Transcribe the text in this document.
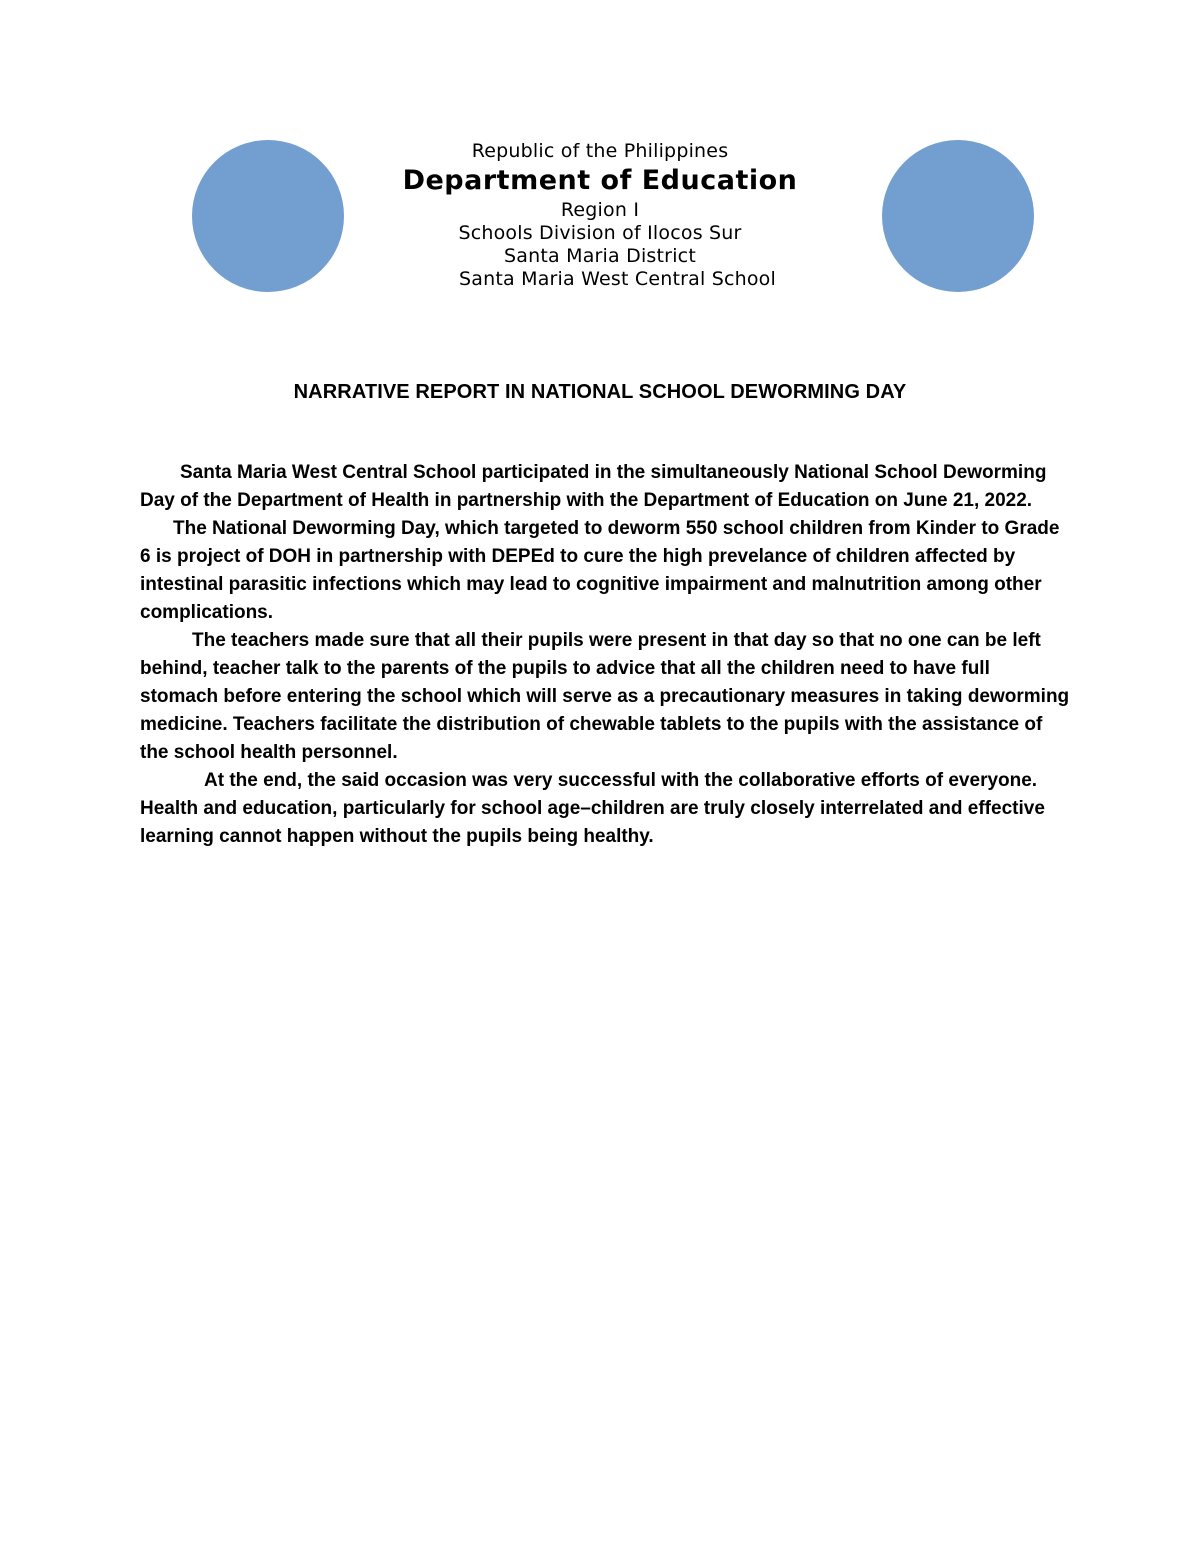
Republic of the Philippines
Department of Education
Region I
Schools Division of Ilocos Sur
Santa Maria District
Santa Maria West Central School
NARRATIVE REPORT IN NATIONAL SCHOOL DEWORMING DAY

Santa Maria West Central School participated in the simultaneously National School Deworming Day of the Department of Health in partnership with the Department of Education on June 21, 2022.

The National Deworming Day, which targeted to deworm 550 school children from Kinder to Grade 6 is project of DOH in partnership with DEPEd to cure the high prevelance of children affected by intestinal parasitic infections which may lead to cognitive impairment and malnutrition among other complications.

The teachers made sure that all their pupils were present in that day so that no one can be left behind, teacher talk to the parents of the pupils to advice that all the children need to have full stomach before entering the school which will serve as a precautionary measures in taking deworming medicine. Teachers facilitate the distribution of chewable tablets to the pupils with the assistance of the school health personnel.

At the end, the said occasion was very successful with the collaborative efforts of everyone. Health and education, particularly for school age–children are truly closely interrelated and effective learning cannot happen without the pupils being healthy.
